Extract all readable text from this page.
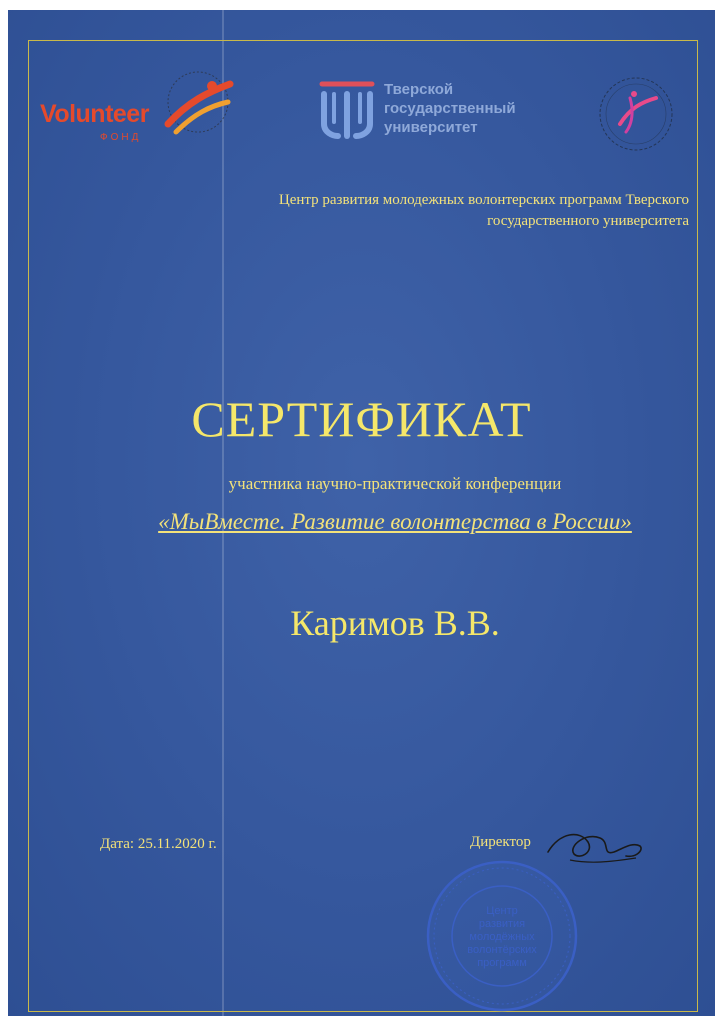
Volunteer
ФОНД
Тверской
государственный
университет
Центр развития молодежных волонтерских программ Тверского
государственного университета
СЕРТИФИКАТ
участника научно-практической конференции
«МыВместе. Развитие волонтерства в России»
Каримов В.В.
Дата: 25.11.2020 г.	Директор
Центр
развития
молодёжных
волонтёрских
программ
